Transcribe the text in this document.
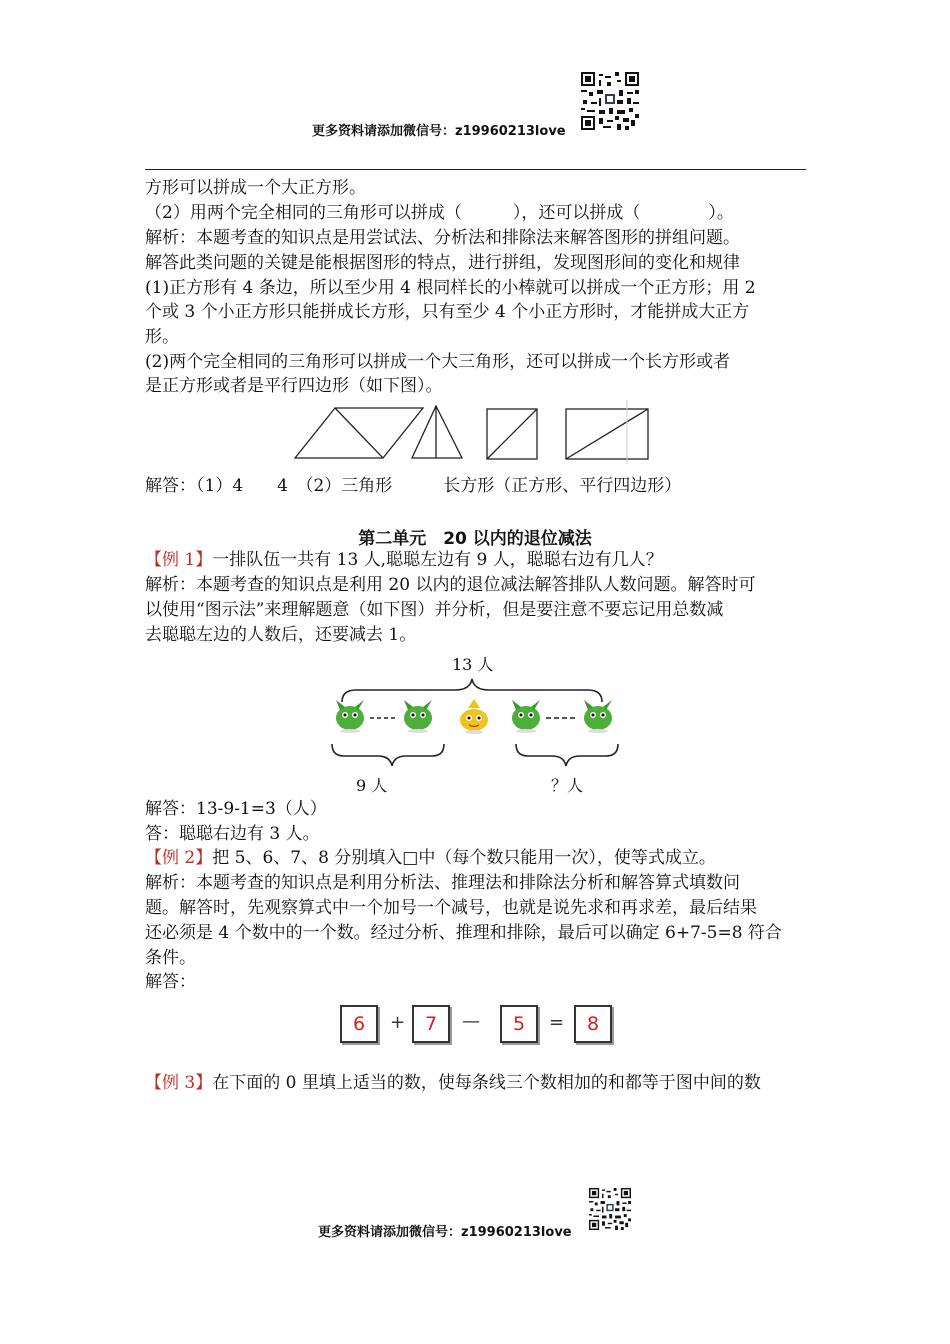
更多资料请添加微信号：z19960213love
方形可以拼成一个大正方形。
（2）用两个完全相同的三角形可以拼成（　　　），还可以拼成（　　　　）。
解析：本题考查的知识点是用尝试法、分析法和排除法来解答图形的拼组问题。
解答此类问题的关键是能根据图形的特点，进行拼组，发现图形间的变化和规律
(1)正方形有 4 条边，所以至少用 4 根同样长的小棒就可以拼成一个正方形；用 2
个或 3 个小正方形只能拼成长方形，只有至少 4 个小正方形时，才能拼成大正方
形。
(2)两个完全相同的三角形可以拼成一个大三角形，还可以拼成一个长方形或者
是正方形或者是平行四边形（如下图）。
解答：（1）4　　4　（2）三角形　　　长方形（正方形、平行四边形）
第二单元　20 以内的退位减法
【例 1】一排队伍一共有 13 人,聪聪左边有 9 人，聪聪右边有几人？
解析：本题考查的知识点是利用 20 以内的退位减法解答排队人数问题。解答时可
以使用“图示法”来理解题意（如下图）并分析，但是要注意不要忘记用总数减
去聪聪左边的人数后，还要减去 1。
13 人
9 人	？人
解答：13-9-1=3（人）
答：聪聪右边有 3 人。
【例 2】把 5、6、7、8 分别填入□中（每个数只能用一次），使等式成立。
解析：本题考查的知识点是利用分析法、推理法和排除法分析和解答算式填数问
题。解答时，先观察算式中一个加号一个减号，也就是说先求和再求差，最后结果
还必须是 4 个数中的一个数。经过分析、推理和排除，最后可以确定 6+7-5=8 符合
条件。
解答：
6	+	7	—	5	=	8
【例 3】在下面的 0 里填上适当的数，使每条线三个数相加的和都等于图中间的数
更多资料请添加微信号：z19960213love
